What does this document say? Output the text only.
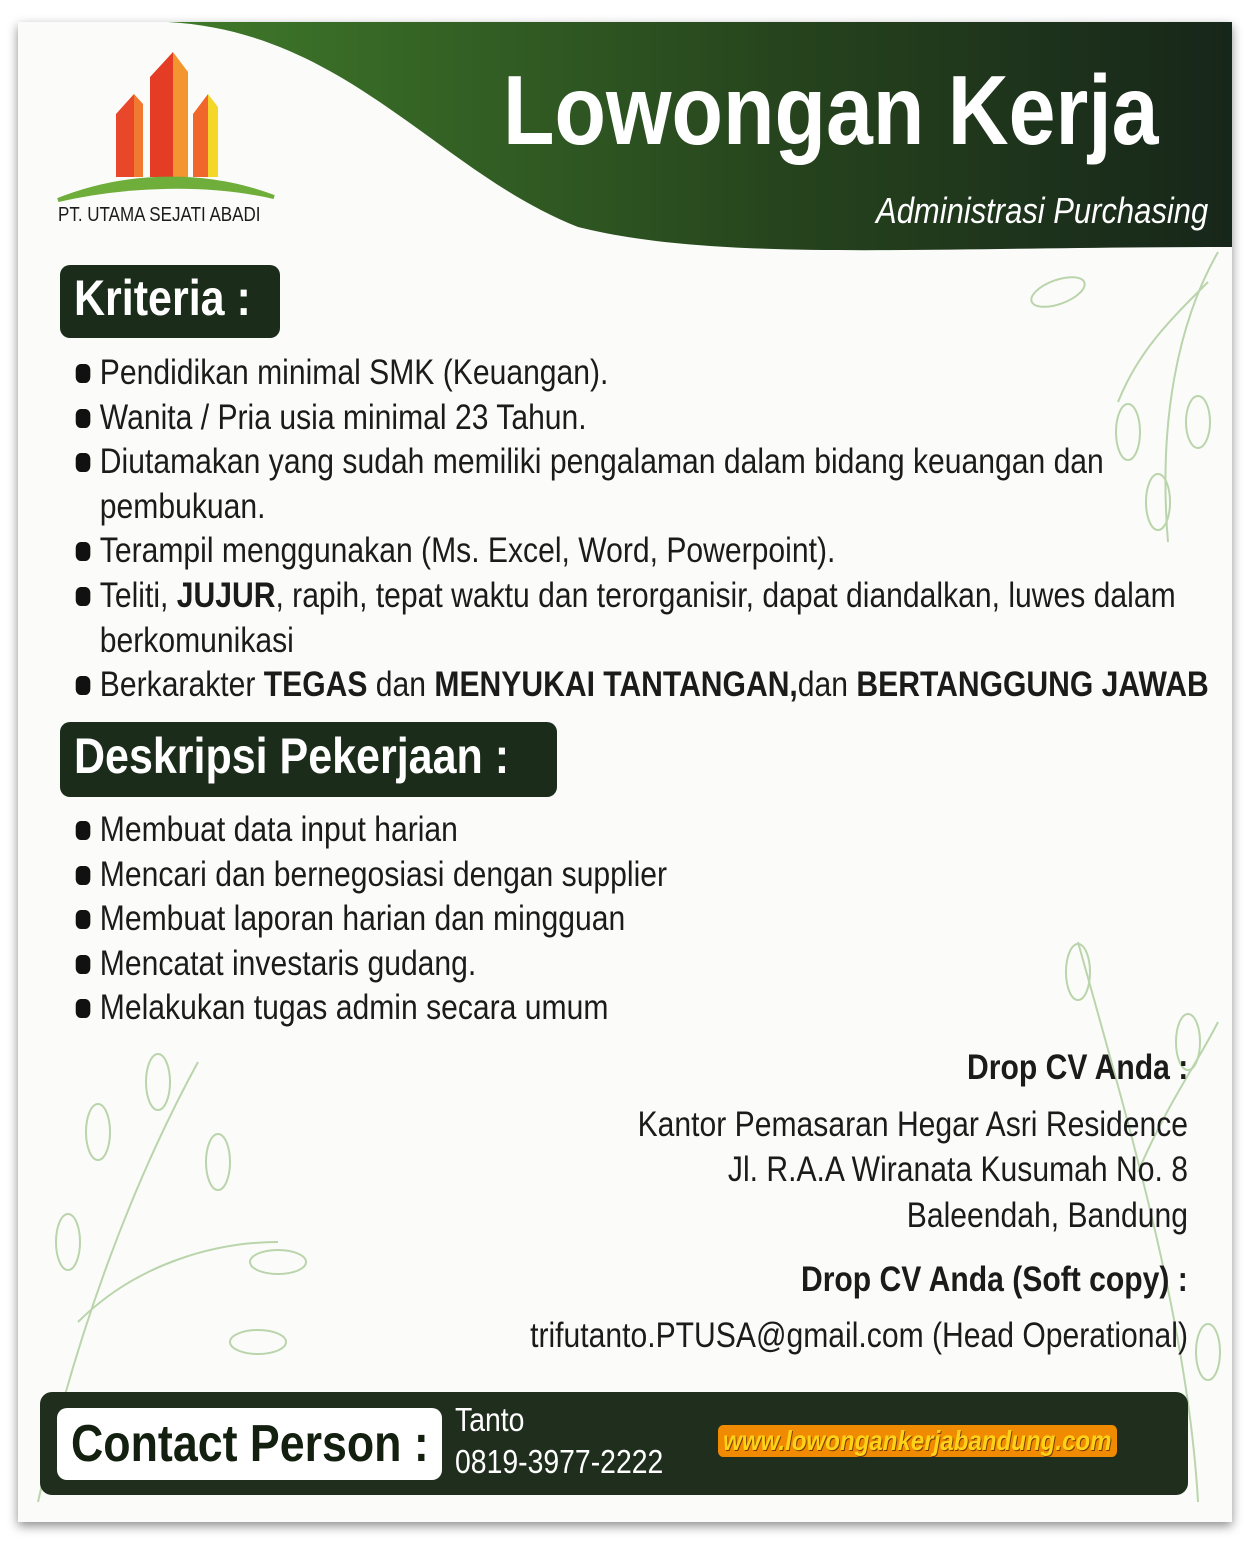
PT. UTAMA SEJATI ABADI
Lowongan Kerja
Administrasi Purchasing
Kriteria :
Pendidikan minimal SMK (Keuangan).
Wanita / Pria usia minimal 23 Tahun.
Diutamakan yang sudah memiliki pengalaman dalam bidang keuangan dan pembukuan.
Terampil menggunakan (Ms. Excel, Word, Powerpoint).
Teliti, JUJUR, rapih, tepat waktu dan terorganisir, dapat diandalkan, luwes dalam berkomunikasi
Berkarakter TEGAS dan MENYUKAI TANTANGAN,dan BERTANGGUNG JAWAB
Deskripsi Pekerjaan :
Membuat data input harian
Mencari dan bernegosiasi dengan supplier
Membuat laporan harian dan mingguan
Mencatat investaris gudang.
Melakukan tugas admin secara umum
Drop CV Anda :
Kantor Pemasaran Hegar Asri Residence
Jl. R.A.A Wiranata Kusumah No. 8
Baleendah, Bandung
Drop CV Anda (Soft copy) :
trifutanto.PTUSA@gmail.com (Head Operational)
Contact Person : Tanto
0819-3977-2222
www.lowongankerjabandung.com
